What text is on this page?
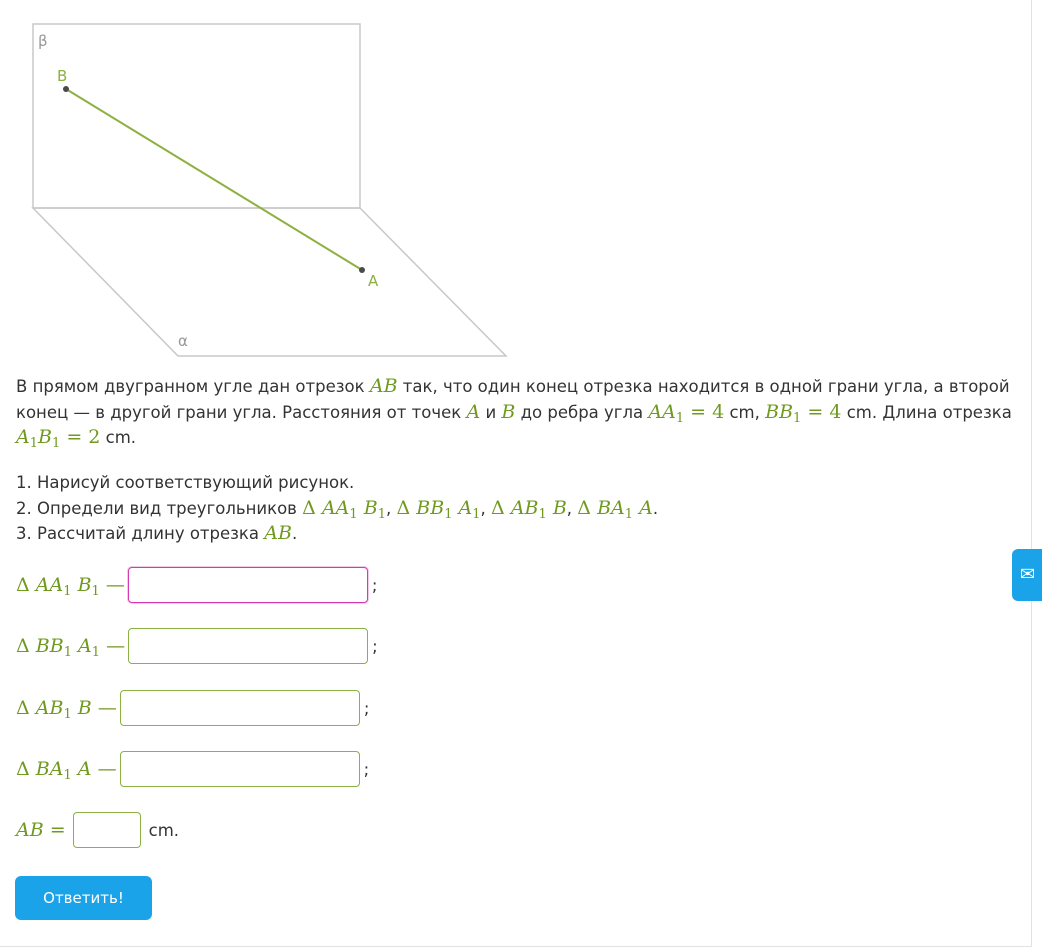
β
B
A
α
В прямом двугранном угле дан отрезок AB так, что один конец отрезка находится в одной грани угла, а второй конец — в другой грани угла. Расстояния от точек A и B до ребра угла $AA_1 = 4$ cm, $BB_1 = 4$ cm. Длина отрезка $A_1B_1 = 2$ cm.
1. Нарисуй соответствующий рисунок.
2. Определи вид треугольников Δ $AA_1$ $B_1$, Δ $BB_1$ $A_1$, Δ $AB_1$ B, Δ $BA_1$ A.
3. Рассчитай длину отрезка AB.
Δ $AA_1$ $B_1$ —	;
Δ $BB_1$ $A_1$ —	;
Δ $AB_1$ B —	;
Δ $BA_1$ A —	;
AB =	cm.
Ответить!
✉
